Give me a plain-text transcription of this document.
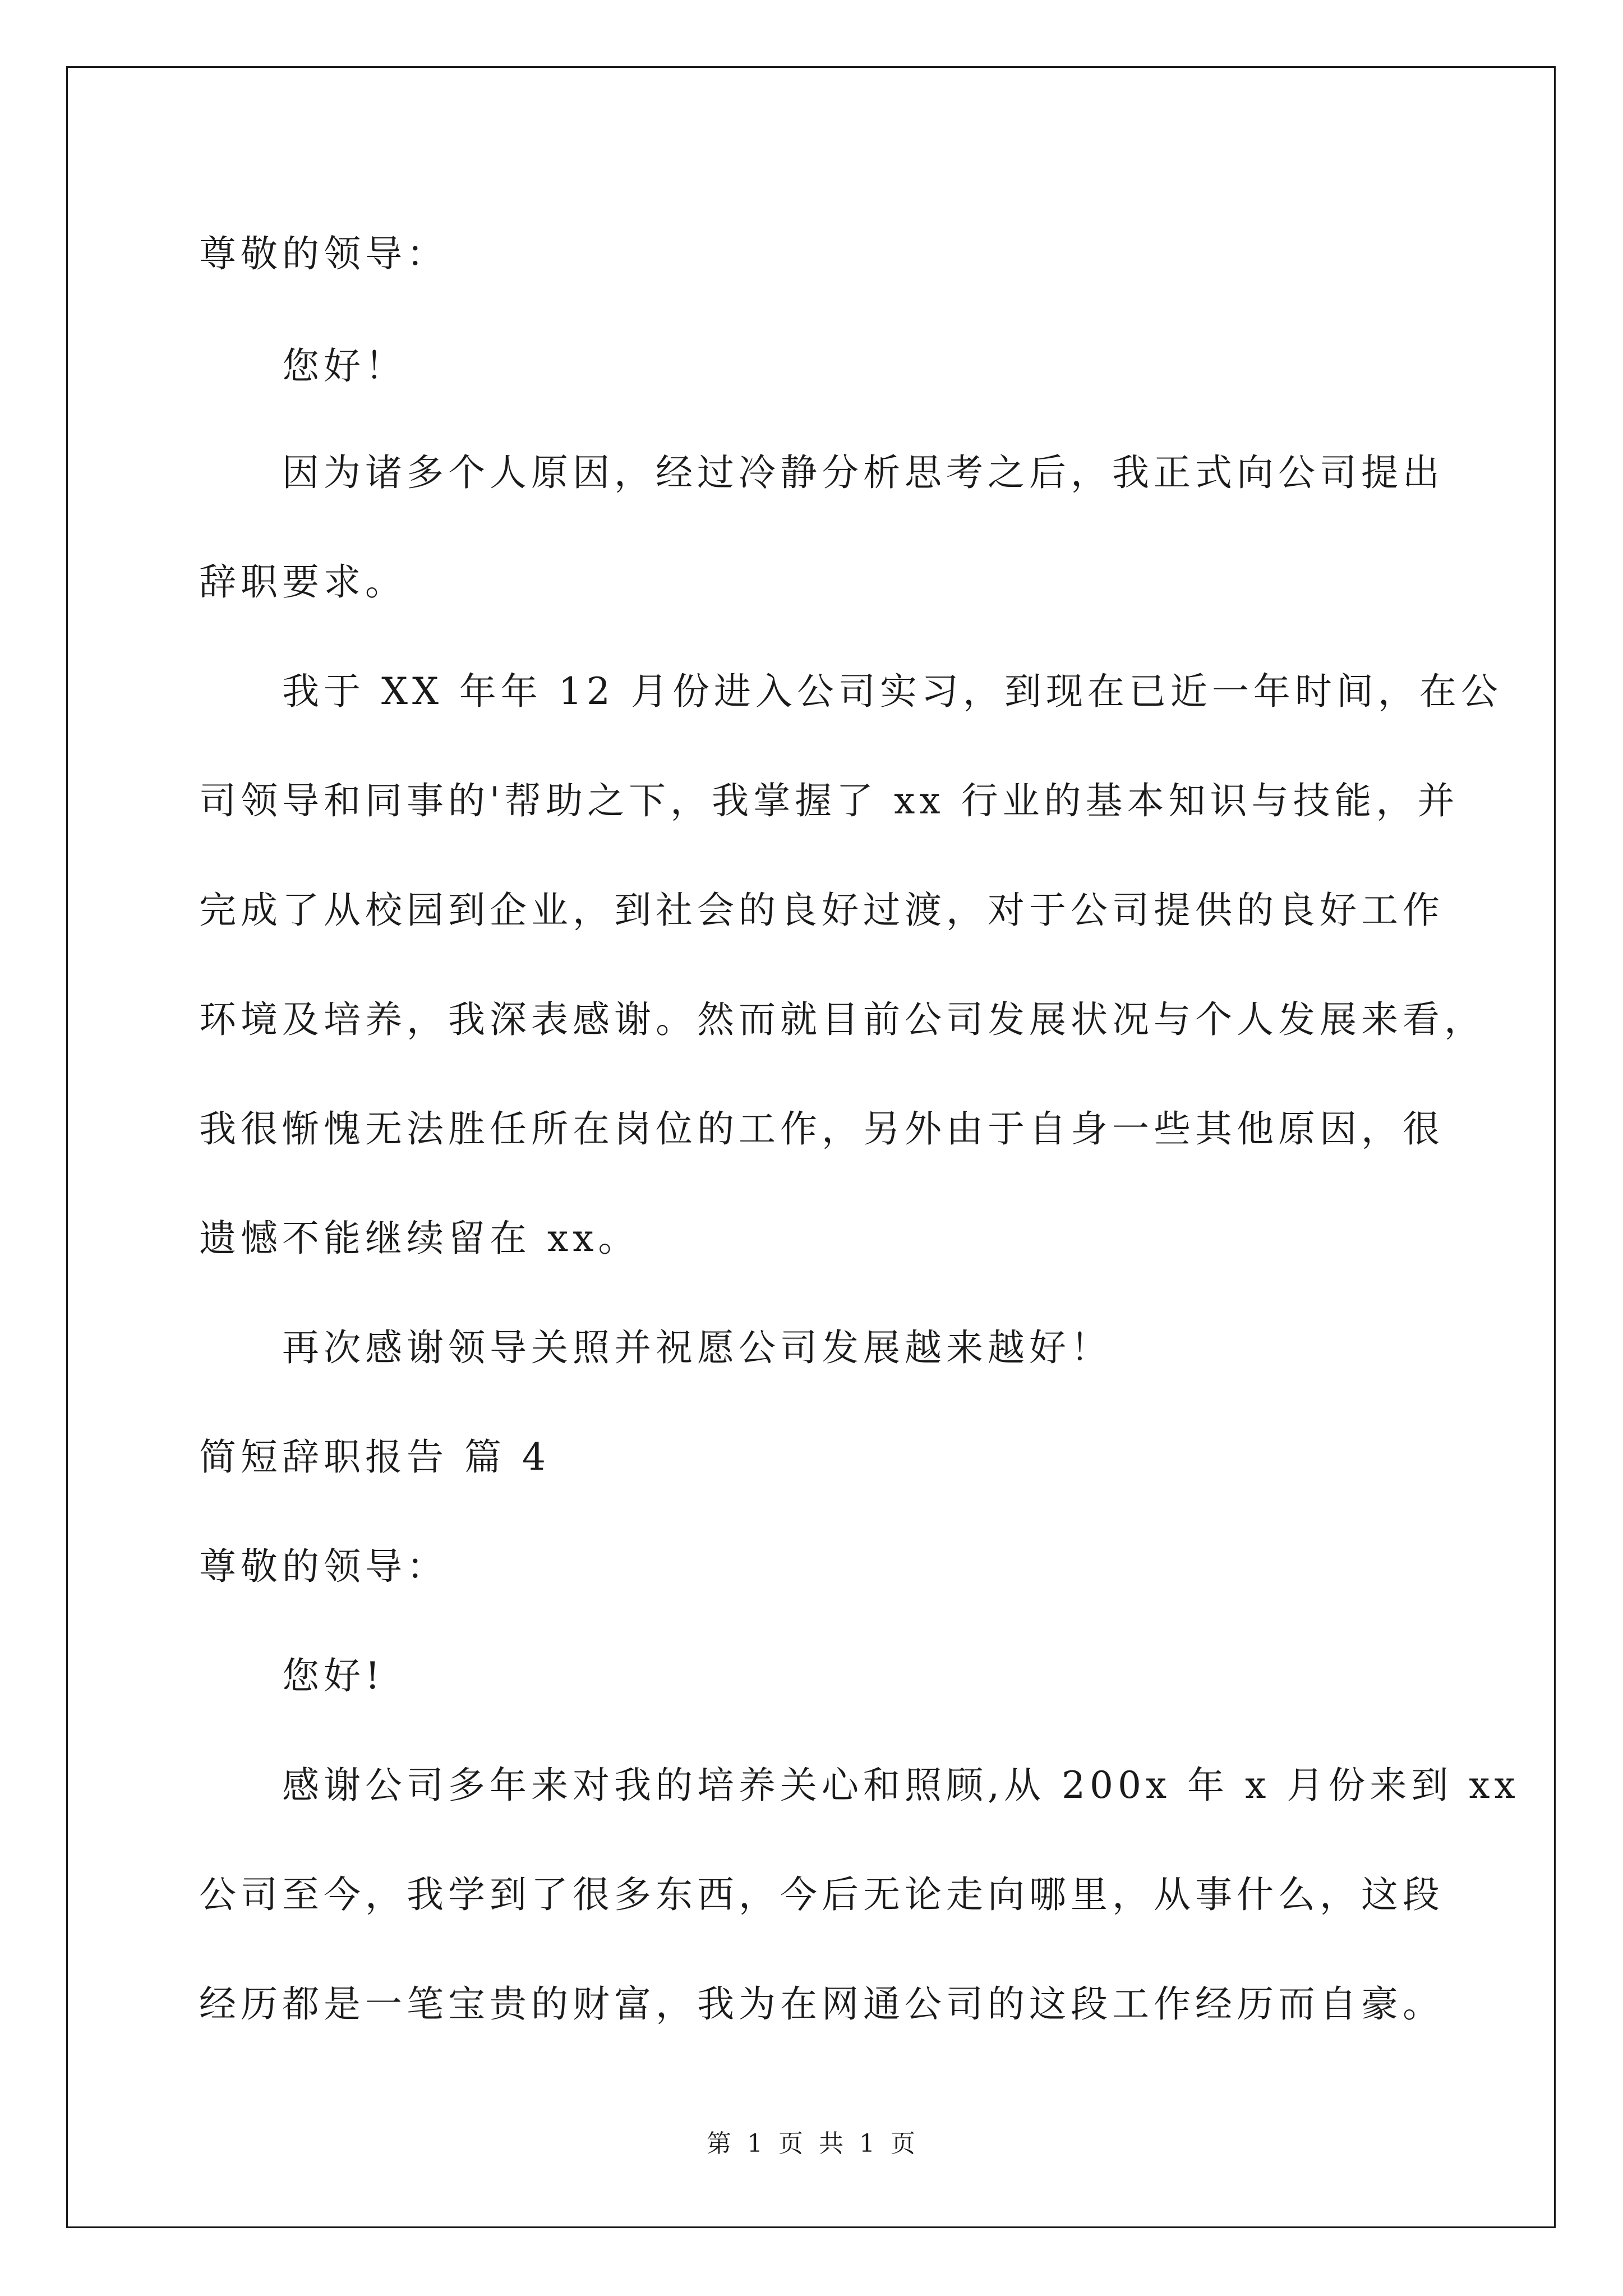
尊敬的领导：
您好！
因为诸多个人原因，经过冷静分析思考之后，我正式向公司提出
辞职要求。
我于 XX 年年 12 月份进入公司实习，到现在已近一年时间，在公
司领导和同事的'帮助之下，我掌握了 xx 行业的基本知识与技能，并
完成了从校园到企业，到社会的良好过渡，对于公司提供的良好工作
环境及培养，我深表感谢。然而就目前公司发展状况与个人发展来看，
我很惭愧无法胜任所在岗位的工作，另外由于自身一些其他原因，很
遗憾不能继续留在 xx。
再次感谢领导关照并祝愿公司发展越来越好！
简短辞职报告 篇 4
尊敬的领导：
您好!
感谢公司多年来对我的培养关心和照顾,从 200x 年 x 月份来到 xx
公司至今，我学到了很多东西，今后无论走向哪里，从事什么，这段
经历都是一笔宝贵的财富，我为在网通公司的这段工作经历而自豪。
第 1 页 共 1 页
